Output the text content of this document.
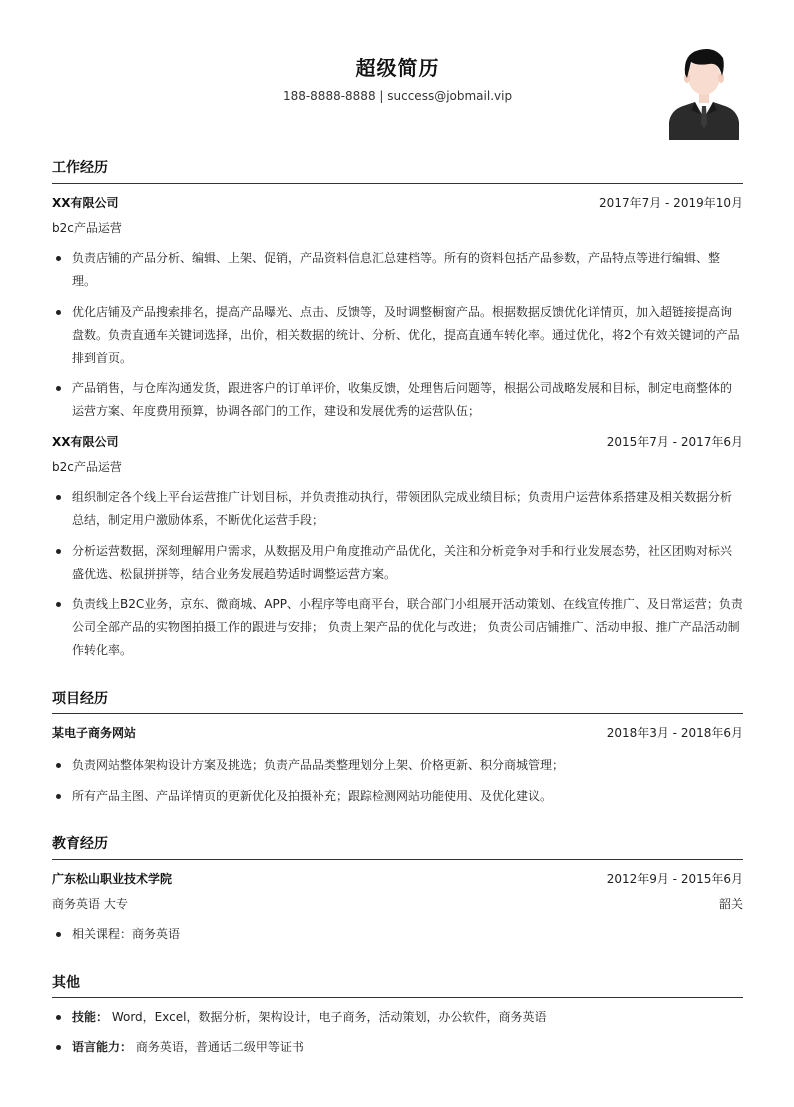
超级简历
188-8888-8888 | success@jobmail.vip
工作经历
XX有限公司	2017年7月 - 2019年10月
b2c产品运营
负责店铺的产品分析、编辑、上架、促销，产品资料信息汇总建档等。所有的资料包括产品参数，产品特点等进行编辑、整
理。
优化店铺及产品搜索排名，提高产品曝光、点击、反馈等，及时调整橱窗产品。根据数据反馈优化详情页，加入超链接提高询
盘数。负责直通车关键词选择，出价，相关数据的统计、分析、优化，提高直通车转化率。通过优化，将2个有效关键词的产品
排到首页。
产品销售，与仓库沟通发货，跟进客户的订单评价，收集反馈，处理售后问题等，根据公司战略发展和目标，制定电商整体的
运营方案、年度费用预算，协调各部门的工作，建设和发展优秀的运营队伍；
XX有限公司	2015年7月 - 2017年6月
b2c产品运营
组织制定各个线上平台运营推广计划目标，并负责推动执行，带领团队完成业绩目标；负责用户运营体系搭建及相关数据分析
总结，制定用户激励体系，不断优化运营手段；
分析运营数据，深刻理解用户需求，从数据及用户角度推动产品优化，关注和分析竞争对手和行业发展态势，社区团购对标兴
盛优选、松鼠拼拼等，结合业务发展趋势适时调整运营方案。
负责线上B2C业务，京东、微商城、APP、小程序等电商平台，联合部门小组展开活动策划、在线宣传推广、及日常运营；负责
公司全部产品的实物图拍摄工作的跟进与安排； 负责上架产品的优化与改进； 负责公司店铺推广、活动申报、推广产品活动制
作转化率。
项目经历
某电子商务网站	2018年3月 - 2018年6月
负责网站整体架构设计方案及挑选；负责产品品类整理划分上架、价格更新、积分商城管理；
所有产品主图、产品详情页的更新优化及拍摄补充；跟踪检测网站功能使用、及优化建议。
教育经历
广东松山职业技术学院	2012年9月 - 2015年6月
商务英语 大专	韶关
相关课程：商务英语
其他
技能： Word，Excel，数据分析，架构设计，电子商务，活动策划，办公软件，商务英语
语言能力： 商务英语，普通话二级甲等证书
